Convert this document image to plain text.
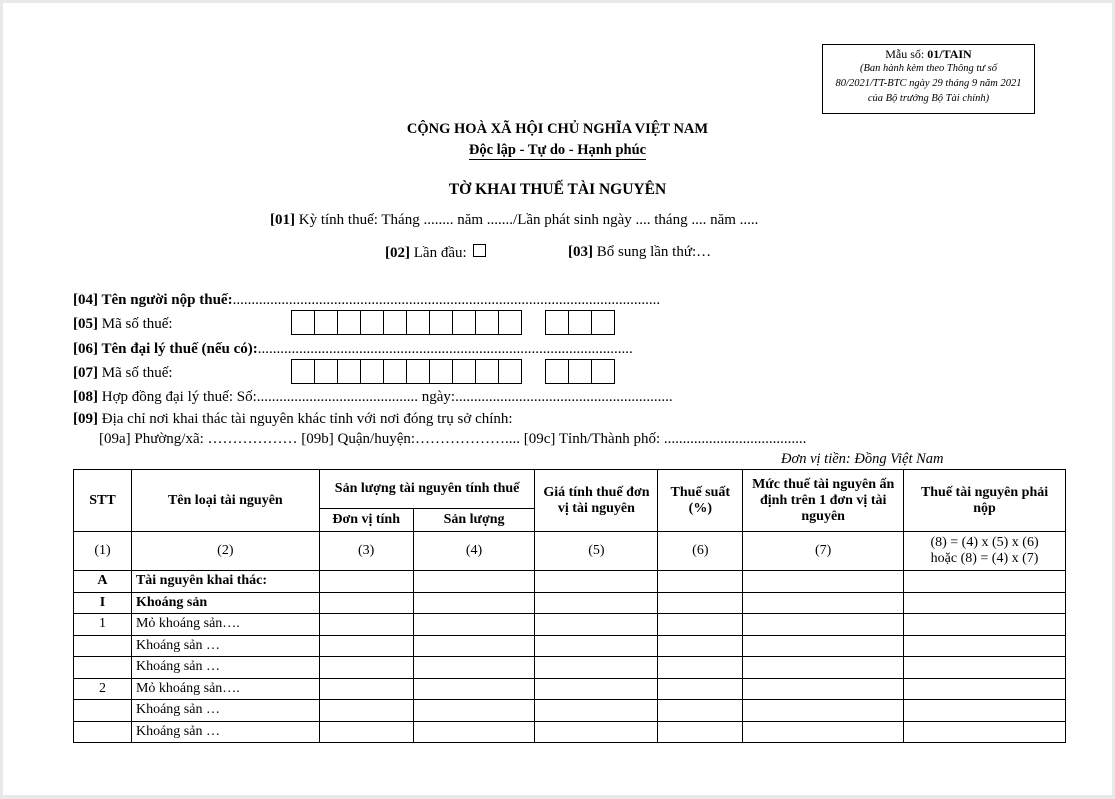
Mẫu số: 01/TAIN
(Ban hành kèm theo Thông tư số
80/2021/TT-BTC ngày 29 tháng 9 năm 2021
của Bộ trưởng Bộ Tài chính)
CỘNG HOÀ XÃ HỘI CHỦ NGHĨA VIỆT NAM
Độc lập - Tự do - Hạnh phúc
TỜ KHAI THUẾ TÀI NGUYÊN
[01] Kỳ tính thuế: Tháng ........ năm ......./Lần phát sinh ngày .... tháng .... năm .....
[02] Lần đầu:	[03] Bổ sung lần thứ:…
[04] Tên người nộp thuế:..................................................................................................................
[05] Mã số thuế:
[06] Tên đại lý thuế (nếu có):....................................................................................................
[07] Mã số thuế:
[08] Hợp đồng đại lý thuế: Số:........................................... ngày:..........................................................
[09] Địa chỉ nơi khai thác tài nguyên khác tỉnh với nơi đóng trụ sở chính:
[09a] Phường/xã: ……………… [09b] Quận/huyện:……………….... [09c] Tỉnh/Thành phố: ......................................
Đơn vị tiền: Đồng Việt Nam
STT	Tên loại tài nguyên	Sản lượng tài nguyên tính thuế		Giá tính thuế đơn vị tài nguyên	Thuế suất (%)	Mức thuế tài nguyên ấn định trên 1 đơn vị tài nguyên	Thuế tài nguyên phải nộp
		Đơn vị tính	Sản lượng				
(1)	(2)	(3)	(4)	(5)	(6)	(7)	(8) = (4) x (5) x (6)
hoặc (8) = (4) x (7)
A	Tài nguyên khai thác:						
I	Khoáng sản						
1	Mỏ khoáng sản….						
	Khoáng sản …						
	Khoáng sản …						
2	Mỏ khoáng sản….						
	Khoáng sản …						
	Khoáng sản …						
